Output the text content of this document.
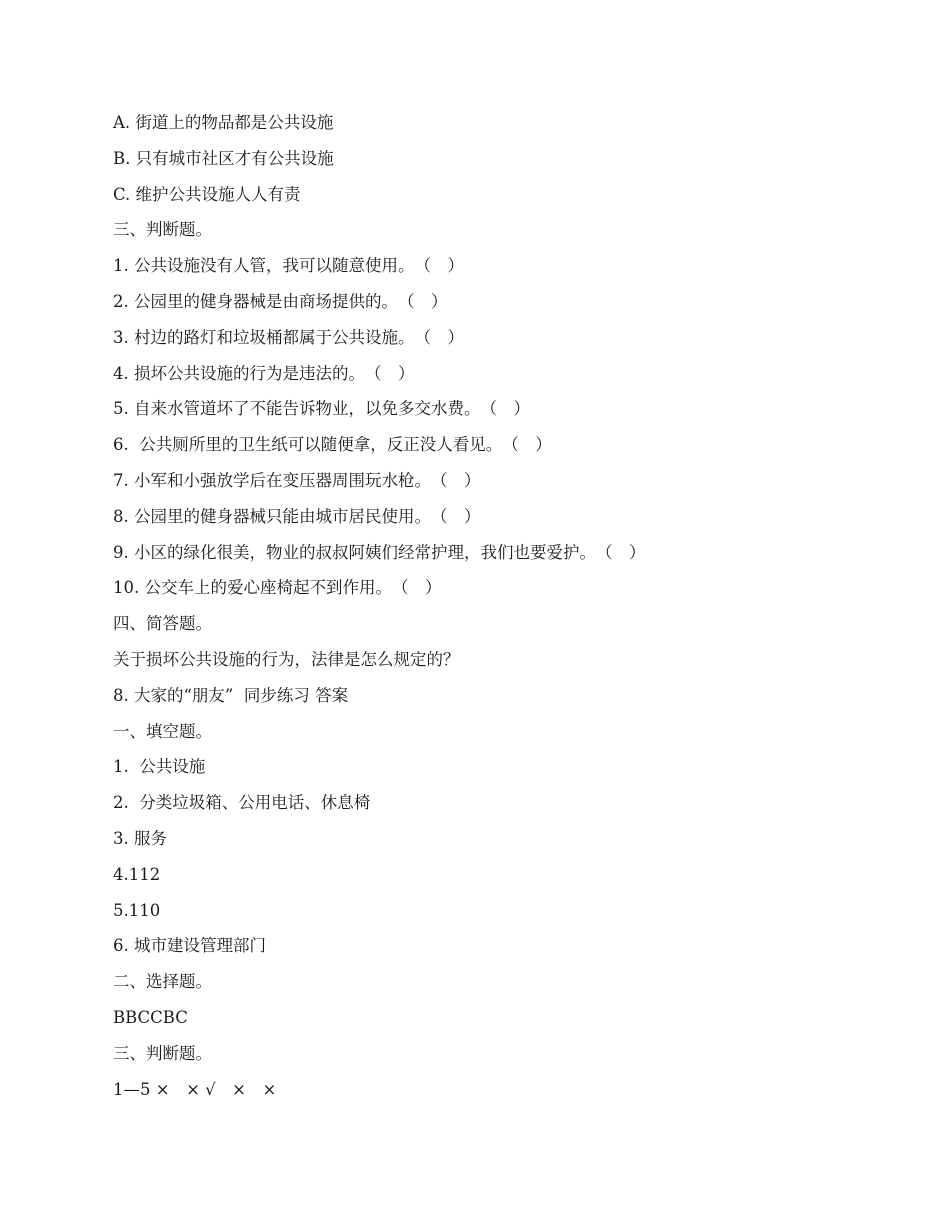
A. 街道上的物品都是公共设施
B. 只有城市社区才有公共设施
C. 维护公共设施人人有责
三、判断题。
1. 公共设施没有人管，我可以随意使用。　（　）
2. 公园里的健身器械是由商场提供的。　（　）
3. 村边的路灯和垃圾桶都属于公共设施。　（　）
4. 损坏公共设施的行为是违法的。　（　）
5. 自来水管道坏了不能告诉物业，以免多交水费。　（　）
6.  公共厕所里的卫生纸可以随便拿，反正没人看见。　（　）
7. 小军和小强放学后在变压器周围玩水枪。　（　）
8. 公园里的健身器械只能由城市居民使用。　（　）
9. 小区的绿化很美，物业的叔叔阿姨们经常护理，我们也要爱护。　（　）
10. 公交车上的爱心座椅起不到作用。　（　）
四、简答题。
关于损坏公共设施的行为，法律是怎么规定的？
8. 大家的“朋友”  同步练习 答案
一、填空题。
1.  公共设施
2.  分类垃圾箱、公用电话、休息椅
3. 服务
4.112
5.110
6. 城市建设管理部门
二、选择题。
BBCCBC
三、判断题。
1—5 ×　× √　×　×
